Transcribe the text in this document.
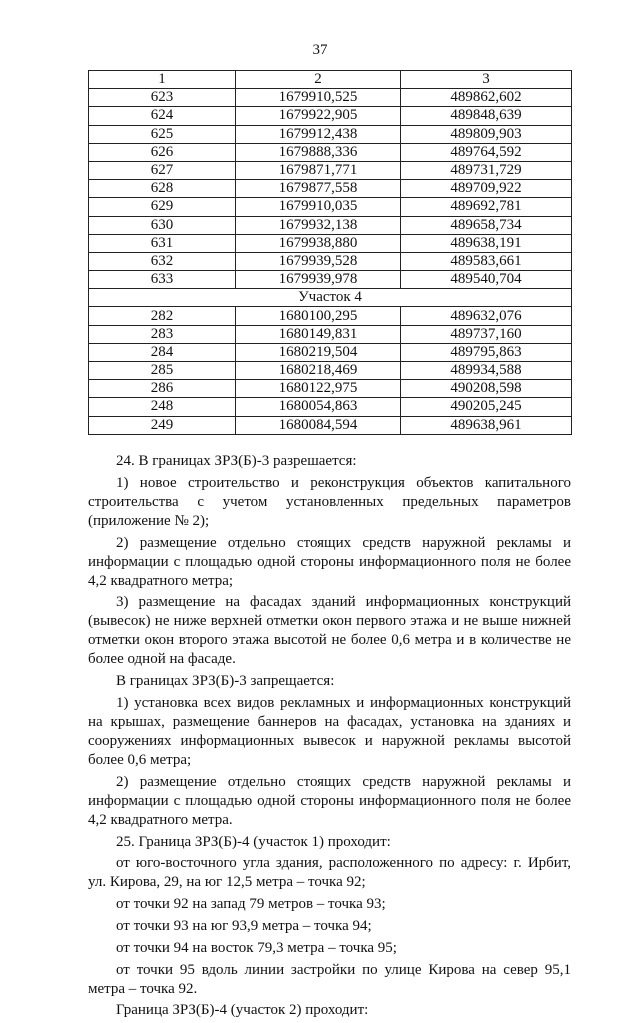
37
1	2	3
623	1679910,525	489862,602
624	1679922,905	489848,639
625	1679912,438	489809,903
626	1679888,336	489764,592
627	1679871,771	489731,729
628	1679877,558	489709,922
629	1679910,035	489692,781
630	1679932,138	489658,734
631	1679938,880	489638,191
632	1679939,528	489583,661
633	1679939,978	489540,704
Участок 4		
282	1680100,295	489632,076
283	1680149,831	489737,160
284	1680219,504	489795,863
285	1680218,469	489934,588
286	1680122,975	490208,598
248	1680054,863	490205,245
249	1680084,594	489638,961

24. В границах ЗРЗ(Б)-3 разрешается:

1) новое строительство и реконструкция объектов капитального строительства с учетом установленных предельных параметров (приложение № 2);

2) размещение отдельно стоящих средств наружной рекламы и информации с площадью одной стороны информационного поля не более 4,2 квадратного метра;

3) размещение на фасадах зданий информационных конструкций (вывесок) не ниже верхней отметки окон первого этажа и не выше нижней отметки окон второго этажа высотой не более 0,6 метра и в количестве не более одной на фасаде.

В границах ЗРЗ(Б)-3 запрещается:

1) установка всех видов рекламных и информационных конструкций на крышах, размещение баннеров на фасадах, установка на зданиях и сооружениях информационных вывесок и наружной рекламы высотой более 0,6 метра;

2) размещение отдельно стоящих средств наружной рекламы и информации с площадью одной стороны информационного поля не более 4,2 квадратного метра.

25. Граница ЗРЗ(Б)-4 (участок 1) проходит:

от юго-восточного угла здания, расположенного по адресу: г. Ирбит, ул. Кирова, 29, на юг 12,5 метра – точка 92;

от точки 92 на запад 79 метров – точка 93;

от точки 93 на юг 93,9 метра – точка 94;

от точки 94 на восток 79,3 метра – точка 95;

от точки 95 вдоль линии застройки по улице Кирова на север 95,1 метра – точка 92.

Граница ЗРЗ(Б)-4 (участок 2) проходит:
